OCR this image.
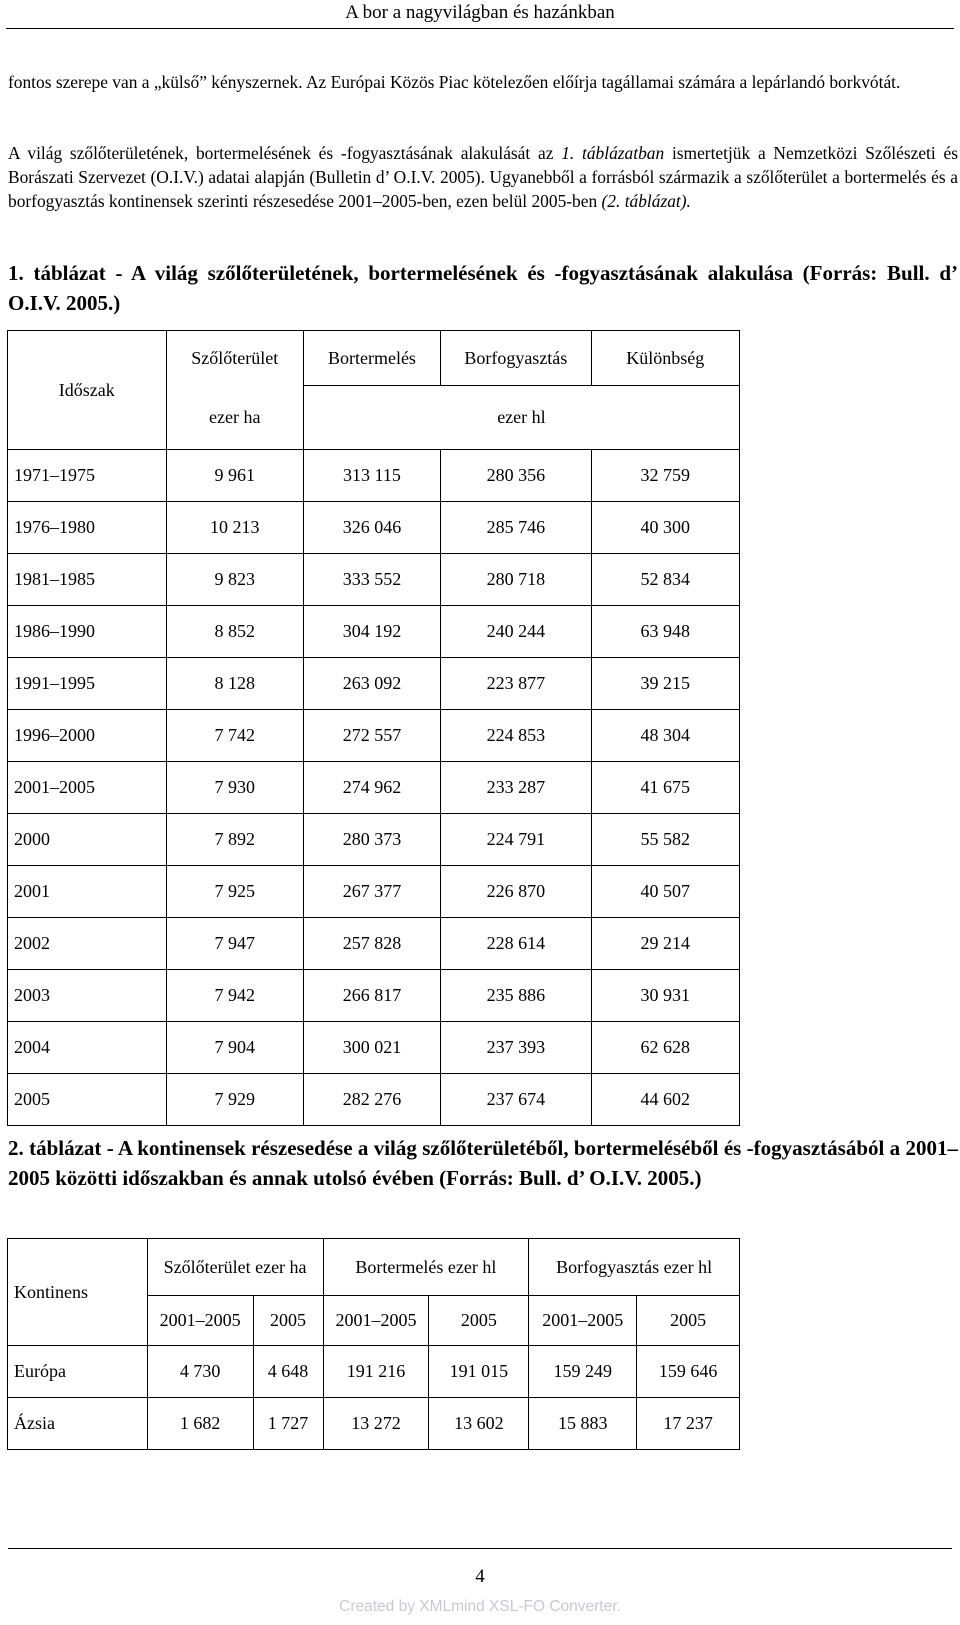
A bor a nagyvilágban és hazánkban

fontos szerepe van a „külső” kényszernek. Az Európai Közös Piac kötelezően előírja tagállamai számára a lepárlandó borkvótát.

A világ szőlőterületének, bortermelésének és -fogyasztásának alakulását az 1. táblázatban ismertetjük a Nemzetközi Szőlészeti és Borászati Szervezet (O.I.V.) adatai alapján (Bulletin d’ O.I.V. 2005). Ugyanebből a forrásból származik a szőlőterület a bortermelés és a borfogyasztás kontinensek szerinti részesedése 2001–2005-ben, ezen belül 2005-ben (2. táblázat).

1. táblázat - A világ szőlőterületének, bortermelésének és -fogyasztásának alakulása (Forrás: Bull. d’ O.I.V. 2005.)

Időszak	Szőlőterület	Bortermelés	Borfogyasztás	Különbség
	ezer ha	ezer hl		
1971–1975	9 961	313 115	280 356	32 759
1976–1980	10 213	326 046	285 746	40 300
1981–1985	9 823	333 552	280 718	52 834
1986–1990	8 852	304 192	240 244	63 948
1991–1995	8 128	263 092	223 877	39 215
1996–2000	7 742	272 557	224 853	48 304
2001–2005	7 930	274 962	233 287	41 675
2000	7 892	280 373	224 791	55 582
2001	7 925	267 377	226 870	40 507
2002	7 947	257 828	228 614	29 214
2003	7 942	266 817	235 886	30 931
2004	7 904	300 021	237 393	62 628
2005	7 929	282 276	237 674	44 602

2. táblázat - A kontinensek részesedése a világ szőlőterületéből, bortermeléséből és -fogyasztásából a 2001–2005 közötti időszakban és annak utolsó évében (Forrás: Bull. d’ O.I.V. 2005.)

Kontinens	Szőlőterület ezer ha		Bortermelés ezer hl		Borfogyasztás ezer hl	
	2001–2005	2005	2001–2005	2005	2001–2005	2005
Európa	4 730	4 648	191 216	191 015	159 249	159 646
Ázsia	1 682	1 727	13 272	13 602	15 883	17 237
4
Created by XMLmind XSL-FO Converter.
